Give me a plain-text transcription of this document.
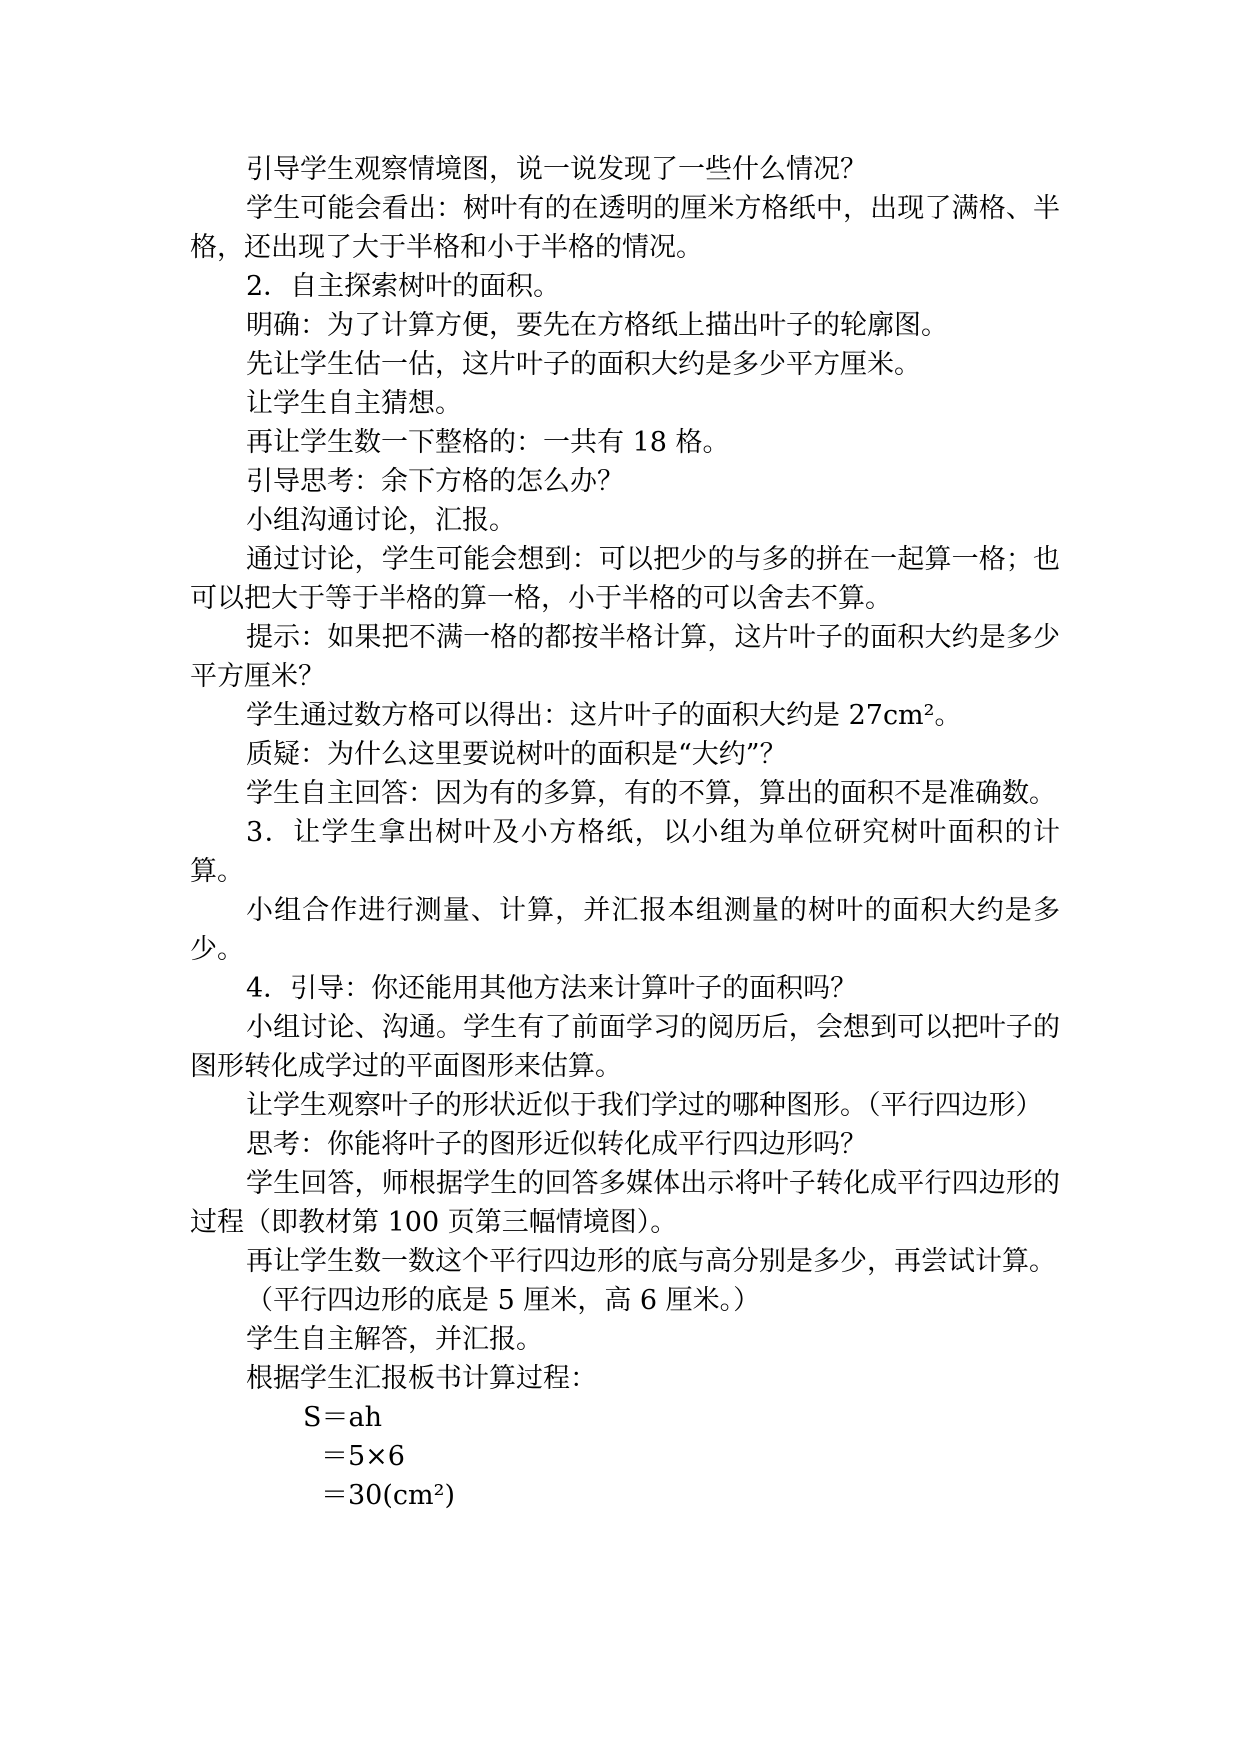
引导学生观察情境图，说一说发现了一些什么情况？

学生可能会看出：树叶有的在透明的厘米方格纸中，出现了满格、半格，还出现了大于半格和小于半格的情况。

2．自主探索树叶的面积。

明确：为了计算方便，要先在方格纸上描出叶子的轮廓图。

先让学生估一估，这片叶子的面积大约是多少平方厘米。

让学生自主猜想。

再让学生数一下整格的：一共有 18 格。

引导思考：余下方格的怎么办？

小组沟通讨论，汇报。

通过讨论，学生可能会想到：可以把少的与多的拼在一起算一格；也可以把大于等于半格的算一格，小于半格的可以舍去不算。

提示：如果把不满一格的都按半格计算，这片叶子的面积大约是多少平方厘米？

学生通过数方格可以得出：这片叶子的面积大约是 27cm²。

质疑：为什么这里要说树叶的面积是“大约”？

学生自主回答：因为有的多算，有的不算，算出的面积不是准确数。

3．让学生拿出树叶及小方格纸，以小组为单位研究树叶面积的计算。

小组合作进行测量、计算，并汇报本组测量的树叶的面积大约是多少。

4．引导：你还能用其他方法来计算叶子的面积吗？

小组讨论、沟通。学生有了前面学习的阅历后，会想到可以把叶子的图形转化成学过的平面图形来估算。

让学生观察叶子的形状近似于我们学过的哪种图形。（平行四边形）

思考：你能将叶子的图形近似转化成平行四边形吗？

学生回答，师根据学生的回答多媒体出示将叶子转化成平行四边形的过程（即教材第 100 页第三幅情境图）。

再让学生数一数这个平行四边形的底与高分别是多少，再尝试计算。

（平行四边形的底是 5 厘米，高 6 厘米。）

学生自主解答，并汇报。

根据学生汇报板书计算过程：

S＝ah

＝5×6

＝30(cm²)
